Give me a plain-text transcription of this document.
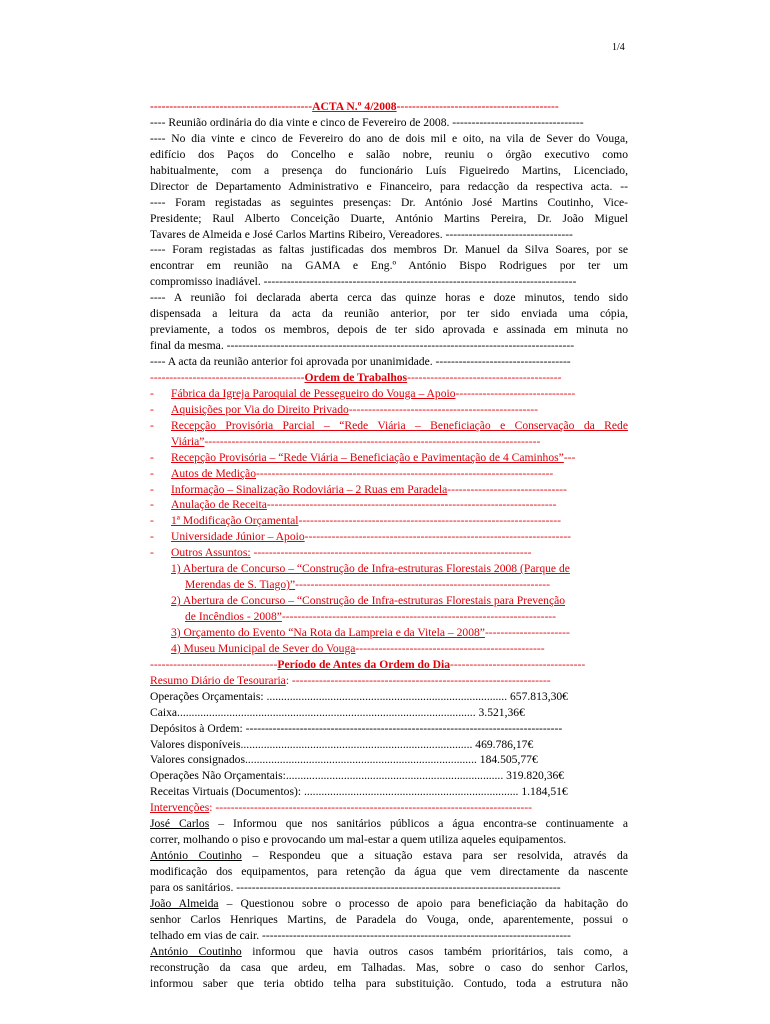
1/4
------------------------------------------ACTA N.º 4/2008------------------------------------------
---- Reunião ordinária do dia vinte e cinco de Fevereiro de 2008. ----------------------------------
---- No dia vinte e cinco de Fevereiro do ano de dois mil e oito, na vila de Sever do Vouga,
edifício dos Paços do Concelho e salão nobre, reuniu o órgão executivo como
habitualmente, com a presença do funcionário Luís Figueiredo Martins, Licenciado,
Director de Departamento Administrativo e Financeiro, para redacção da respectiva acta. --
---- Foram registadas as seguintes presenças: Dr. António José Martins Coutinho, Vice-
Presidente; Raul Alberto Conceição Duarte, António Martins Pereira, Dr. João Miguel
Tavares de Almeida e José Carlos Martins Ribeiro, Vereadores. ---------------------------------
---- Foram registadas as faltas justificadas dos membros Dr. Manuel da Silva Soares, por se
encontrar em reunião na GAMA e Eng.º António Bispo Rodrigues por ter um
compromisso inadiável. ---------------------------------------------------------------------------------
---- A reunião foi declarada aberta cerca das quinze horas e doze minutos, tendo sido
dispensada a leitura da acta da reunião anterior, por ter sido enviada uma cópia,
previamente, a todos os membros, depois de ter sido aprovada e assinada em minuta no
final da mesma. ------------------------------------------------------------------------------------------
---- A acta da reunião anterior foi aprovada por unanimidade. -----------------------------------
----------------------------------------Ordem de Trabalhos----------------------------------------
- Fábrica da Igreja Paroquial de Pessegueiro do Vouga – Apoio-------------------------------
- Aquisições por Via do Direito Privado-------------------------------------------------
- Recepção Provisória Parcial – “Rede Viária – Beneficiação e Conservação da Rede
Viária”---------------------------------------------------------------------------------------
- Recepção Provisória – “Rede Viária – Beneficiação e Pavimentação de 4 Caminhos”---
- Autos de Medição-----------------------------------------------------------------------------
- Informação – Sinalização Rodoviária – 2 Ruas em Paradela-------------------------------
- Anulação de Receita---------------------------------------------------------------------------
- 1ª Modificação Orçamental--------------------------------------------------------------------
- Universidade Júnior – Apoio---------------------------------------------------------------------
- Outros Assuntos: ------------------------------------------------------------------------
1) Abertura de Concurso – “Construção de Infra-estruturas Florestais 2008 (Parque de
Merendas de S. Tiago)”------------------------------------------------------------------
2) Abertura de Concurso – “Construção de Infra-estruturas Florestais para Prevenção
de Incêndios - 2008”-----------------------------------------------------------------------
3) Orçamento do Evento “Na Rota da Lampreia e da Vitela – 2008”----------------------
4) Museu Municipal de Sever do Vouga-------------------------------------------------
---------------------------------Período de Antes da Ordem do Dia-----------------------------------
Resumo Diário de Tesouraria: -------------------------------------------------------------------
Operações Orçamentais: ................................................................................... 657.813,30€
Caixa....................................................................................................... 3.521,36€
Depósitos à Ordem: ----------------------------------------------------------------------------------
Valores disponíveis................................................................................ 469.786,17€
Valores consignados................................................................................ 184.505,77€
Operações Não Orçamentais:........................................................................... 319.820,36€
Receitas Virtuais (Documentos): .......................................................................... 1.184,51€
Intervenções: ----------------------------------------------------------------------------------
José Carlos – Informou que nos sanitários públicos a água encontra-se continuamente a
correr, molhando o piso e provocando um mal-estar a quem utiliza aqueles equipamentos.
António Coutinho – Respondeu que a situação estava para ser resolvida, através da
modificação dos equipamentos, para retenção da água que vem directamente da nascente
para os sanitários. ------------------------------------------------------------------------------------
João Almeida – Questionou sobre o processo de apoio para beneficiação da habitação do
senhor Carlos Henriques Martins, de Paradela do Vouga, onde, aparentemente, possui o
telhado em vias de cair. --------------------------------------------------------------------------------
António Coutinho informou que havia outros casos também prioritários, tais como, a
reconstrução da casa que ardeu, em Talhadas. Mas, sobre o caso do senhor Carlos,
informou saber que teria obtido telha para substituição. Contudo, toda a estrutura não
